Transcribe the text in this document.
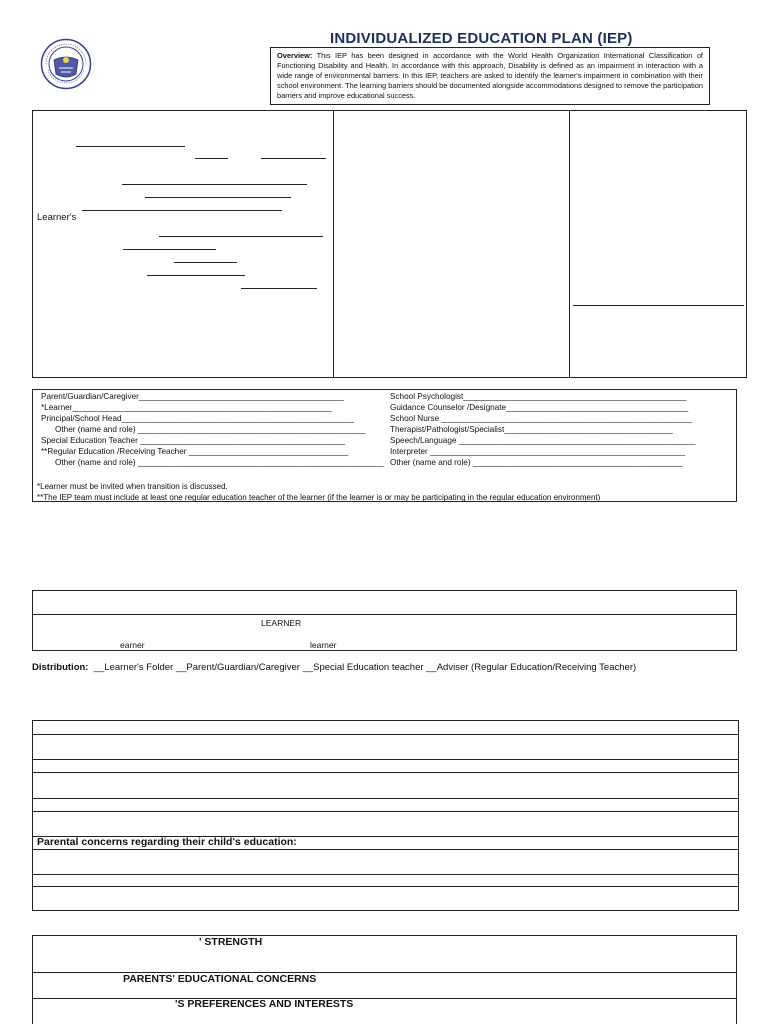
INDIVIDUALIZED EDUCATION PLAN (IEP)
Overview: This IEP has been designed in accordance with the World Health Organization International Classification of Functioning Disability and Health. In accordance with this approach, Disability is defined as an impairment in interaction with a wide range of environmental barriers. In this IEP, teachers are asked to identify the learner's impairment in combination with their school environment. The learning barriers should be documented alongside accommodations designed to remove the participation barriers and improve educational success.
Learner's
Parent/Guardian/Caregiver_____________________________________________
*Learner_________________________________________________________
Principal/School Head___________________________________________________
Other (name and role) __________________________________________________
Special Education Teacher _____________________________________________
**Regular Education /Receiving Teacher ___________________________________
Other (name and role) ______________________________________________________
School Psychologist_________________________________________________
Guidance Counselor /Designate________________________________________
School Nurse _______________________________________________________
Therapist/Pathologist/Specialist_____________________________________
Speech/Language ____________________________________________________
Interpreter ________________________________________________________
Other (name and role) ______________________________________________
*Learner must be invited when transition is discussed.
**The IEP team must include at least one regular education teacher of the learner (if the learner is or may be participating in the regular education environment)
LEARNER
earner	learner
Distribution: __Learner's Folder __Parent/Guardian/Caregiver __Special Education teacher __Adviser (Regular Education/Receiving Teacher)
Parental concerns regarding their child's education:
' STRENGTH
PARENTS' EDUCATIONAL CONCERNS
'S PREFERENCES AND INTERESTS
